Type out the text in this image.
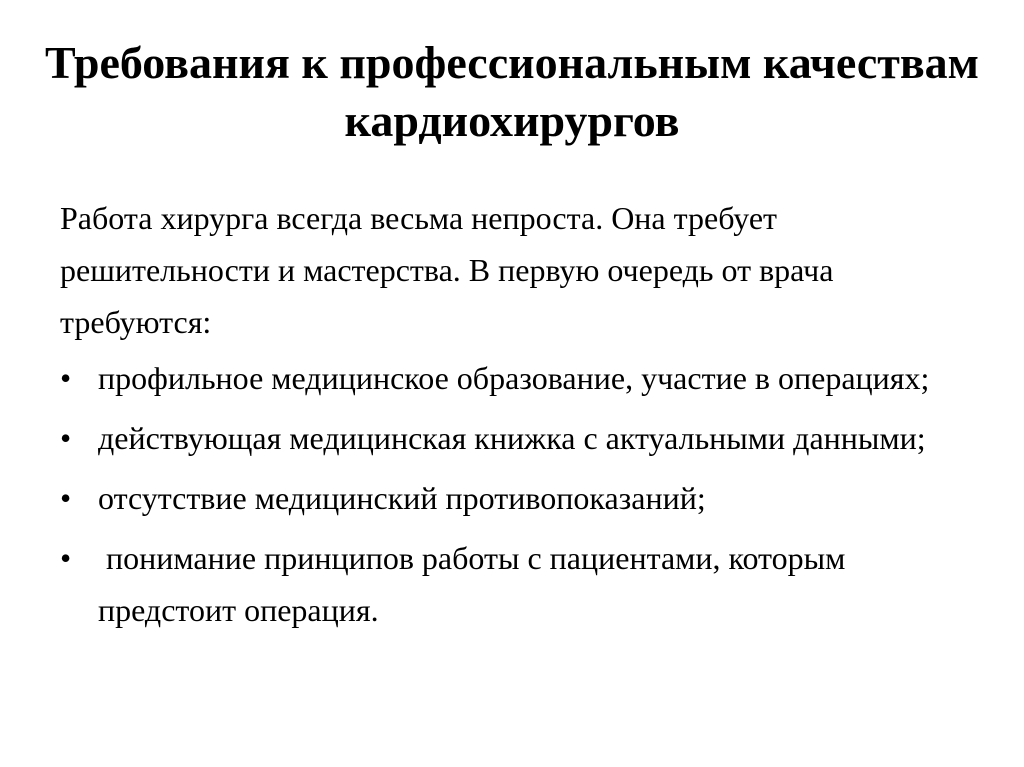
Требования к профессиональным качествам кардиохирургов

Работа хирурга всегда весьма непроста. Она требует решительности и мастерства. В первую очередь от врача требуются:

• профильное медицинское образование, участие в операциях;
• действующая медицинская книжка с актуальными данными;
• отсутствие медицинский противопоказаний;
•	понимание принципов работы с пациентами, которым предстоит операция.
